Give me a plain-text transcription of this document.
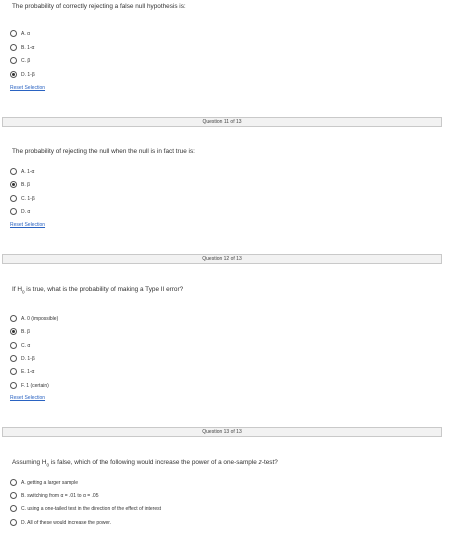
The probability of correctly rejecting a false null hypothesis is:
A. α
B. 1-α
C. β
D. 1-β
Reset Selection
Question 11 of 13
The probability of rejecting the null when the null is in fact true is:
A. 1-α
B. β
C. 1-β
D. α
Reset Selection
Question 12 of 13
If $H_0$ is true, what is the probability of making a Type II error?
A. 0 (impossible)
B. β
C. α
D. 1-β
E. 1-α
F. 1 (certain)
Reset Selection
Question 13 of 13
Assuming $H_0$ is false, which of the following would increase the power of a one-sample z-test?
A. getting a larger sample
B. switching from α = .01 to α = .05
C. using a one-tailed test in the direction of the effect of interest
D. All of these would increase the power.
